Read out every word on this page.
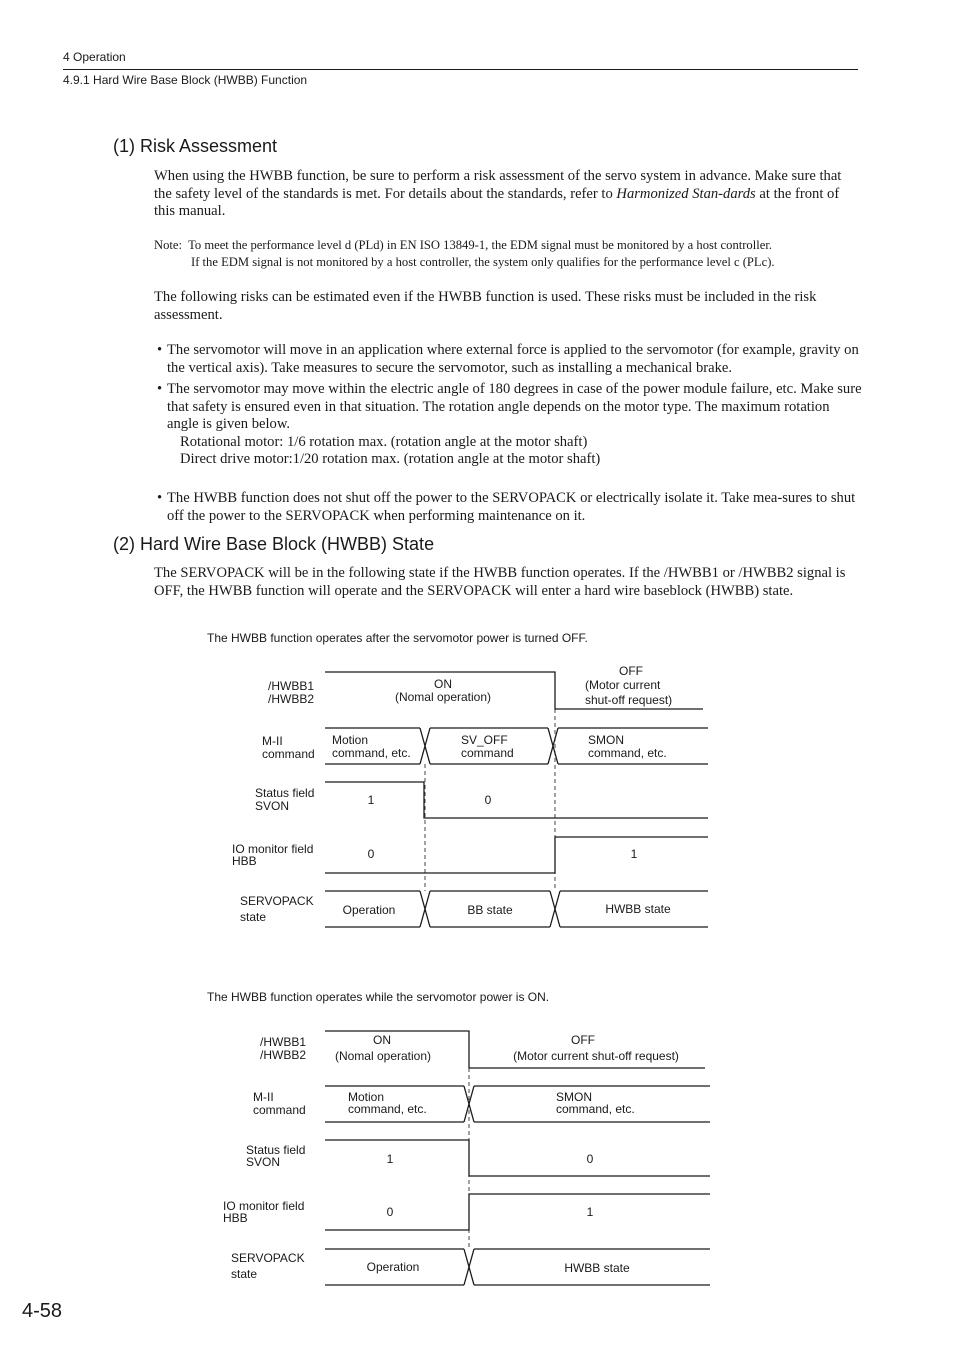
4 Operation
4.9.1 Hard Wire Base Block (HWBB) Function
(1) Risk Assessment
When using the HWBB function, be sure to perform a risk assessment of the servo system in advance. Make sure that the safety level of the standards is met. For details about the standards, refer to Harmonized Stan-dards at the front of this manual.
Note: To meet the performance level d (PLd) in EN ISO 13849-1, the EDM signal must be monitored by a host controller.
If the EDM signal is not monitored by a host controller, the system only qualifies for the performance level c (PLc).
The following risks can be estimated even if the HWBB function is used. These risks must be included in the risk assessment.
• The servomotor will move in an application where external force is applied to the servomotor (for example, gravity on the vertical axis). Take measures to secure the servomotor, such as installing a mechanical brake.
• The servomotor may move within the electric angle of 180 degrees in case of the power module failure, etc. Make sure that safety is ensured even in that situation. The rotation angle depends on the motor type. The maximum rotation angle is given below.
Rotational motor: 1/6 rotation max. (rotation angle at the motor shaft)
Direct drive motor:1/20 rotation max. (rotation angle at the motor shaft)
• The HWBB function does not shut off the power to the SERVOPACK or electrically isolate it. Take mea-sures to shut off the power to the SERVOPACK when performing maintenance on it.
(2) Hard Wire Base Block (HWBB) State
The SERVOPACK will be in the following state if the HWBB function operates. If the /HWBB1 or /HWBB2 signal is OFF, the HWBB function will operate and the SERVOPACK will enter a hard wire baseblock (HWBB) state.
The HWBB function operates after the servomotor power is turned OFF.
/HWBB1
/HWBB2
M-II
command
Status field
SVON
IO monitor field
HBB
SERVOPACK
state
ON
(Nomal operation)
OFF
(Motor current
shut-off request)
Motion
command, etc.
SV_OFF
command
SMON
command, etc.
1	0
0	1
Operation	BB state	HWBB state
/HWBB1
/HWBB2
M-II
command
Status field
SVON
IO monitor field
HBB
SERVOPACK
state
ON
(Nomal operation)
OFF
(Motor current shut-off request)
Motion
command, etc.
SMON
command, etc.
1	0
0	1
Operation	HWBB state
The HWBB function operates while the servomotor power is ON.
4-58
